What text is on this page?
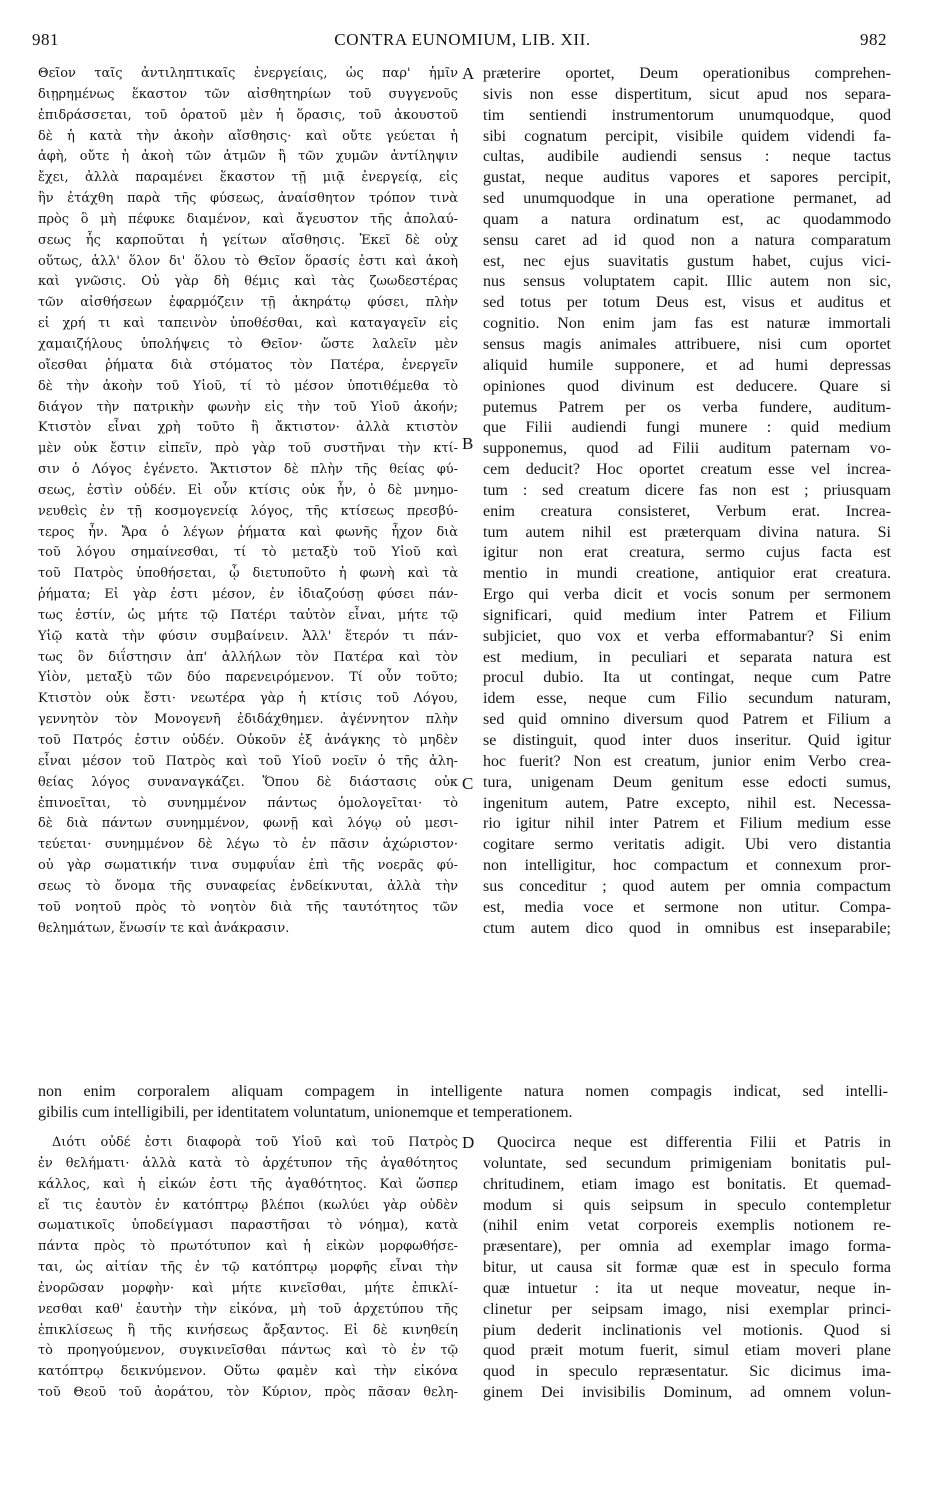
981	CONTRA EUNOMIUM, LIB. XII.	982
Θεῖον ταῖς ἀντιληπτικαῖς ἐνεργείαις, ὡς παρ' ἡμῖν
διῃρημένως ἕκαστον τῶν αἰσθητηρίων τοῦ συγγενοῦς
ἐπιδράσσεται, τοῦ ὁρατοῦ μὲν ἡ ὅρασις, τοῦ ἀκουστοῦ
δὲ ἡ κατὰ τὴν ἀκοὴν αἴσθησις· καὶ οὔτε γεύεται ἡ
ἀφὴ, οὔτε ἡ ἀκοὴ τῶν ἀτμῶν ἢ τῶν χυμῶν ἀντίληψιν
ἔχει, ἀλλὰ παραμένει ἕκαστον τῇ μιᾷ ἐνεργείᾳ, εἰς
ἣν ἐτάχθη παρὰ τῆς φύσεως, ἀναίσθητον τρόπον τινὰ
πρὸς ὃ μὴ πέφυκε διαμένον, καὶ ἄγευστον τῆς ἀπολαύ-
σεως ἧς καρποῦται ἡ γείτων αἴσθησις. Ἐκεῖ δὲ οὐχ
οὕτως, ἀλλ' ὅλον δι' ὅλου τὸ Θεῖον ὅρασίς ἐστι καὶ ἀκοὴ
καὶ γνῶσις. Οὐ γὰρ δὴ θέμις καὶ τὰς ζωωδεστέρας
τῶν αἰσθήσεων ἐφαρμόζειν τῇ ἀκηράτῳ φύσει, πλὴν
εἰ χρή τι καὶ ταπεινὸν ὑποθέσθαι, καὶ καταγαγεῖν εἰς
χαμαιζήλους ὑπολήψεις τὸ Θεῖον· ὥστε λαλεῖν μὲν
οἴεσθαι ῥήματα διὰ στόματος τὸν Πατέρα, ἐνεργεῖν
δὲ τὴν ἀκοὴν τοῦ Υἱοῦ, τί τὸ μέσον ὑποτιθέμεθα τὸ
διάγον τὴν πατρικὴν φωνὴν εἰς τὴν τοῦ Υἱοῦ ἀκοήν;
Κτιστὸν εἶναι χρὴ τοῦτο ἢ ἄκτιστον· ἀλλὰ κτιστὸν
μὲν οὐκ ἔστιν εἰπεῖν, πρὸ γὰρ τοῦ συστῆναι τὴν κτί-
σιν ὁ Λόγος ἐγένετο. Ἄκτιστον δὲ πλὴν τῆς θείας φύ-
σεως, ἐστὶν οὐδέν. Εἰ οὖν κτίσις οὐκ ἦν, ὁ δὲ μνημο-
νευθεὶς ἐν τῇ κοσμογενείᾳ λόγος, τῆς κτίσεως πρεσβύ-
τερος ἦν. Ἄρα ὁ λέγων ῥήματα καὶ φωνῆς ἦχον διὰ
τοῦ λόγου σημαίνεσθαι, τί τὸ μεταξὺ τοῦ Υἱοῦ καὶ
τοῦ Πατρὸς ὑποθήσεται, ᾧ διετυποῦτο ἡ φωνὴ καὶ τὰ
ῥήματα; Εἰ γὰρ ἐστι μέσον, ἐν ἰδιαζούσῃ φύσει πάν-
τως ἐστίν, ὡς μήτε τῷ Πατέρι ταὐτὸν εἶναι, μήτε τῷ
Υἱῷ κατὰ τὴν φύσιν συμβαίνειν. Ἀλλ' ἕτερόν τι πάν-
τως ὃν διΐστησιν ἀπ' ἀλλήλων τὸν Πατέρα καὶ τὸν
Υἱὸν, μεταξὺ τῶν δύο παρενειρόμενον. Τί οὖν τοῦτο;
Κτιστὸν οὐκ ἔστι· νεωτέρα γὰρ ἡ κτίσις τοῦ Λόγου,
γεννητὸν τὸν Μονογενῆ ἐδιδάχθημεν. ἀγέννητον πλὴν
τοῦ Πατρός ἐστιν οὐδέν. Οὐκοῦν ἐξ ἀνάγκης τὸ μηδὲν
εἶναι μέσον τοῦ Πατρὸς καὶ τοῦ Υἱοῦ νοεῖν ὁ τῆς ἀλη-
θείας λόγος συναναγκάζει. Ὅπου δὲ διάστασις οὐκ
ἐπινοεῖται, τὸ συνημμένον πάντως ὁμολογεῖται· τὸ
δὲ διὰ πάντων συνημμένον, φωνῇ καὶ λόγῳ οὐ μεσι-
τεύεται· συνημμένον δὲ λέγω τὸ ἐν πᾶσιν ἀχώριστον·
οὐ γὰρ σωματικήν τινα συμφυΐαν ἐπὶ τῆς νοερᾶς φύ-
σεως τὸ ὄνομα τῆς συναφείας ἐνδείκνυται, ἀλλὰ τὴν
τοῦ νοητοῦ πρὸς τὸ νοητὸν διὰ τῆς ταυτότητος τῶν
θελημάτων, ἕνωσίν τε καὶ ἀνάκρασιν.
præterire oportet, Deum operationibus comprehen-
sivis non esse dispertitum, sicut apud nos separa-
tim sentiendi instrumentorum unumquodque, quod
sibi cognatum percipit, visibile quidem videndi fa-
cultas, audibile audiendi sensus : neque tactus
gustat, neque auditus vapores et sapores percipit,
sed unumquodque in una operatione permanet, ad
quam a natura ordinatum est, ac quodammodo
sensu caret ad id quod non a natura comparatum
est, nec ejus suavitatis gustum habet, cujus vici-
nus sensus voluptatem capit. Illic autem non sic,
sed totus per totum Deus est, visus et auditus et
cognitio. Non enim jam fas est naturæ immortali
sensus magis animales attribuere, nisi cum oportet
aliquid humile supponere, et ad humi depressas
opiniones quod divinum est deducere. Quare si
putemus Patrem per os verba fundere, auditum-
que Filii audiendi fungi munere : quid medium
supponemus, quod ad Filii auditum paternam vo-
cem deducit? Hoc oportet creatum esse vel increa-
tum : sed creatum dicere fas non est ; priusquam
enim creatura consisteret, Verbum erat. Increa-
tum autem nihil est præterquam divina natura. Si
igitur non erat creatura, sermo cujus facta est
mentio in mundi creatione, antiquior erat creatura.
Ergo qui verba dicit et vocis sonum per sermonem
significari, quid medium inter Patrem et Filium
subjiciet, quo vox et verba efformabantur? Si enim
est medium, in peculiari et separata natura est
procul dubio. Ita ut contingat, neque cum Patre
idem esse, neque cum Filio secundum naturam,
sed quid omnino diversum quod Patrem et Filium a
se distinguit, quod inter duos inseritur. Quid igitur
hoc fuerit? Non est creatum, junior enim Verbo crea-
tura, unigenam Deum genitum esse edocti sumus,
ingenitum autem, Patre excepto, nihil est. Necessa-
rio igitur nihil inter Patrem et Filium medium esse
cogitare sermo veritatis adigit. Ubi vero distantia
non intelligitur, hoc compactum et connexum pror-
sus conceditur ; quod autem per omnia compactum
est, media voce et sermone non utitur. Compa-
ctum autem dico quod in omnibus est inseparabile;
non enim corporalem aliquam compagem in intelligente natura nomen compagis indicat, sed intelli-
gibilis cum intelligibili, per identitatem voluntatum, unionemque et temperationem.
Διότι οὐδέ ἐστι διαφορὰ τοῦ Υἱοῦ καὶ τοῦ Πατρὸς
ἐν θελήματι· ἀλλὰ κατὰ τὸ ἀρχέτυπον τῆς ἀγαθότητος
κάλλος, καὶ ἡ εἰκών ἐστι τῆς ἀγαθότητος. Καὶ ὥσπερ
εἴ τις ἑαυτὸν ἐν κατόπτρῳ βλέποι (κωλύει γὰρ οὐδὲν
σωματικοῖς ὑποδείγμασι παραστῆσαι τὸ νόημα), κατὰ
πάντα πρὸς τὸ πρωτότυπον καὶ ἡ εἰκὼν μορφωθήσε-
ται, ὡς αἰτίαν τῆς ἐν τῷ κατόπτρῳ μορφῆς εἶναι τὴν
ἐνορῶσαν μορφὴν· καὶ μήτε κινεῖσθαι, μήτε ἐπικλί-
νεσθαι καθ' ἑαυτὴν τὴν εἰκόνα, μὴ τοῦ ἀρχετύπου τῆς
ἐπικλίσεως ἢ τῆς κινήσεως ἄρξαντος. Εἰ δὲ κινηθείη
τὸ προηγούμενον, συγκινεῖσθαι πάντως καὶ τὸ ἐν τῷ
κατόπτρῳ δεικνύμενον. Οὕτω φαμὲν καὶ τὴν εἰκόνα
τοῦ Θεοῦ τοῦ ἀοράτου, τὸν Κύριον, πρὸς πᾶσαν θελη-
Quocirca neque est differentia Filii et Patris in
voluntate, sed secundum primigeniam bonitatis pul-
chritudinem, etiam imago est bonitatis. Et quemad-
modum si quis seipsum in speculo contempletur
(nihil enim vetat corporeis exemplis notionem re-
præsentare), per omnia ad exemplar imago forma-
bitur, ut causa sit formæ quæ est in speculo forma
quæ intuetur : ita ut neque moveatur, neque in-
clinetur per seipsam imago, nisi exemplar princi-
pium dederit inclinationis vel motionis. Quod si
quod præit motum fuerit, simul etiam moveri plane
quod in speculo repræsentatur. Sic dicimus ima-
ginem Dei invisibilis Dominum, ad omnem volun-
A
B
C
D
